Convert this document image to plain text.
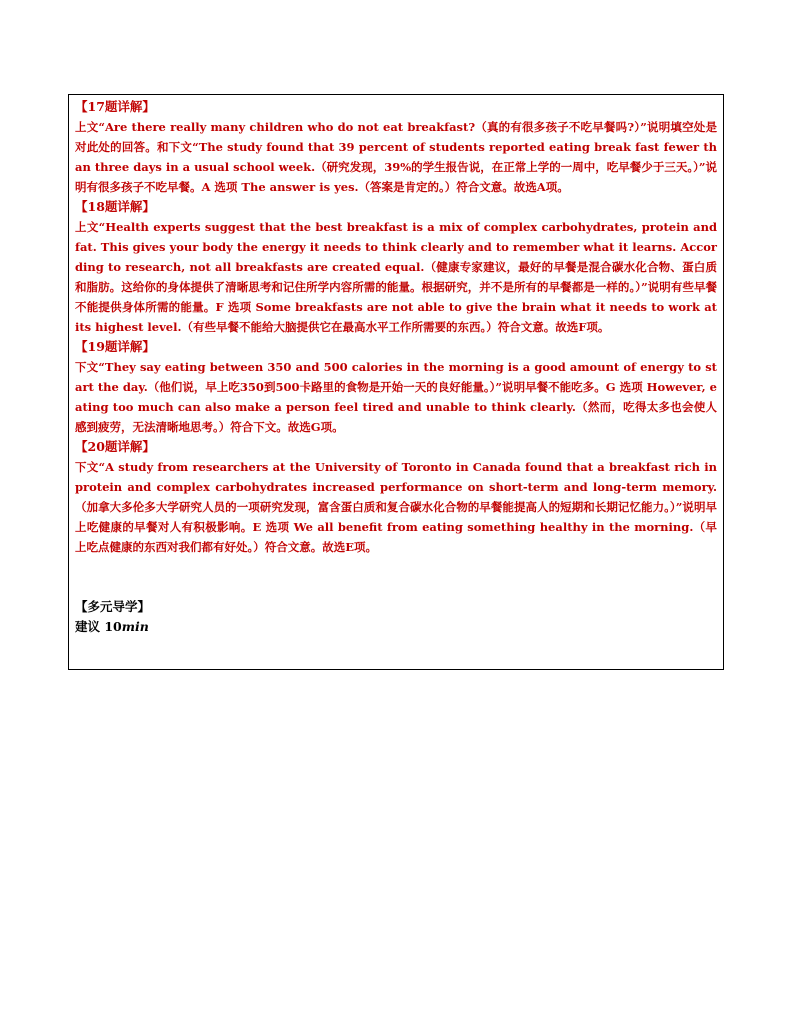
【17题详解】
上文“Are there really many children who do not eat breakfast?（真的有很多孩子不吃早餐吗?）”说明填空处是对此处的回答。和下文“The study found that 39 percent of students reported eating break fast fewer than three days in a usual school week.（研究发现，39%的学生报告说，在正常上学的一周中，吃早餐少于三天。）”说明有很多孩子不吃早餐。A 选项 The answer is yes.（答案是肯定的。）符合文意。故选A项。
【18题详解】
上文“Health experts suggest that the best breakfast is a mix of complex carbohydrates, protein and fat. This gives your body the energy it needs to think clearly and to remember what it learns. According to research, not all breakfasts are created equal.（健康专家建议，最好的早餐是混合碳水化合物、蛋白质和脂肪。这给你的身体提供了清晰思考和记住所学内容所需的能量。根据研究，并不是所有的早餐都是一样的。）”说明有些早餐不能提供身体所需的能量。F 选项 Some breakfasts are not able to give the brain what it needs to work at its highest level.（有些早餐不能给大脑提供它在最高水平工作所需要的东西。）符合文意。故选F项。
【19题详解】
下文“They say eating between 350 and 500 calories in the morning is a good amount of energy to start the day.（他们说，早上吃350到500卡路里的食物是开始一天的良好能量。）”说明早餐不能吃多。G 选项 However, eating too much can also make a person feel tired and unable to think clearly.（然而，吃得太多也会使人感到疲劳，无法清晰地思考。）符合下文。故选G项。
【20题详解】
下文“A study from researchers at the University of Toronto in Canada found that a breakfast rich in protein and complex carbohydrates increased performance on short-term and long-term memory.（加拿大多伦多大学研究人员的一项研究发现，富含蛋白质和复合碳水化合物的早餐能提高人的短期和长期记忆能力。）”说明早上吃健康的早餐对人有积极影响。E 选项 We all benefit from eating something healthy in the morning.（早上吃点健康的东西对我们都有好处。）符合文意。故选E项。
【多元导学】
建议 10min
